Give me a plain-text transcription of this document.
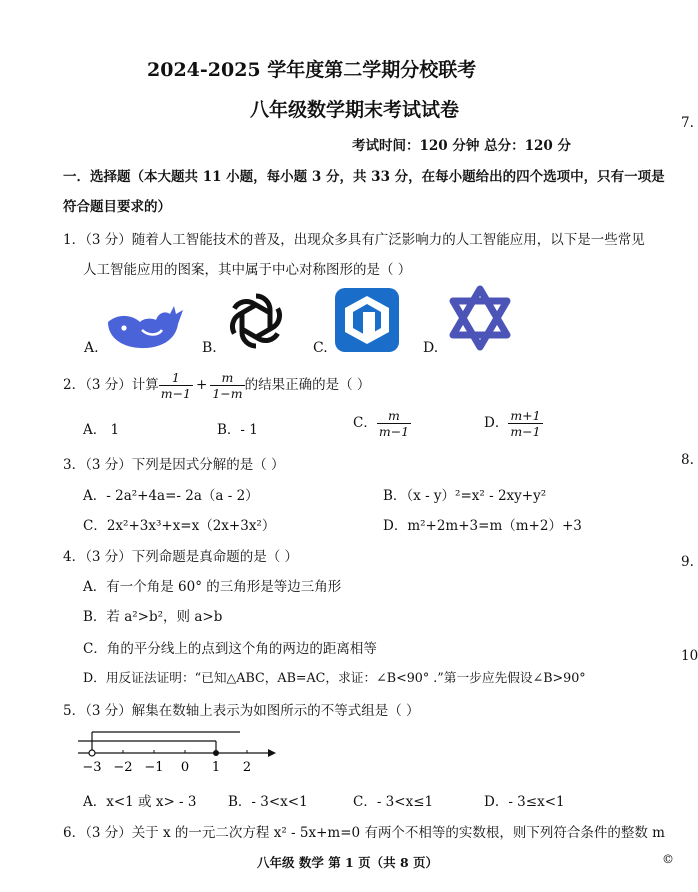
2024-2025 学年度第二学期分校联考
八年级数学期末考试试卷
考试时间：120 分钟 总分：120 分
7.
8.
9.
10
一．选择题（本大题共 11 小题，每小题 3 分，共 33 分，在每小题给出的四个选项中，只有一项是
符合题目要求的）
1．（3 分）随着人工智能技术的普及，出现众多具有广泛影响力的人工智能应用，以下是一些常见
人工智能应用的图案，其中属于中心对称图形的是（ ）
A.	B.	C.	D.
2．（3 分）计算 $\frac{1}{m-1} + \frac{m}{1-m}$ 的结果正确的是（ ）
A． 1	B．- 1	C． $\frac{m}{m-1}$	D． $\frac{m+1}{m-1}$
3．（3 分）下列是因式分解的是（ ）
A．- 2a²+4a=- 2a（a - 2）	B．（x - y）²=x² - 2xy+y²
C．2x²+3x³+x=x（2x+3x²）	D．m²+2m+3=m（m+2）+3
4．（3 分）下列命题是真命题的是（ ）
A．有一个角是 60° 的三角形是等边三角形
B．若 a²>b²，则 a>b
C．角的平分线上的点到这个角的两边的距离相等
D．用反证法证明：“已知△ABC，AB=AC，求证：∠B<90° .”第一步应先假设∠B>90°
5．（3 分）解集在数轴上表示为如图所示的不等式组是（ ）
−3 −2 −1 0 1 2
A．x<1 或 x> - 3 B．- 3<x<1	C．- 3<x≤1	D．- 3≤x<1
6．（3 分）关于 x 的一元二次方程 x² - 5x+m=0 有两个不相等的实数根，则下列符合条件的整数 m
八年级 数学 第 1 页（共 8 页）	©
